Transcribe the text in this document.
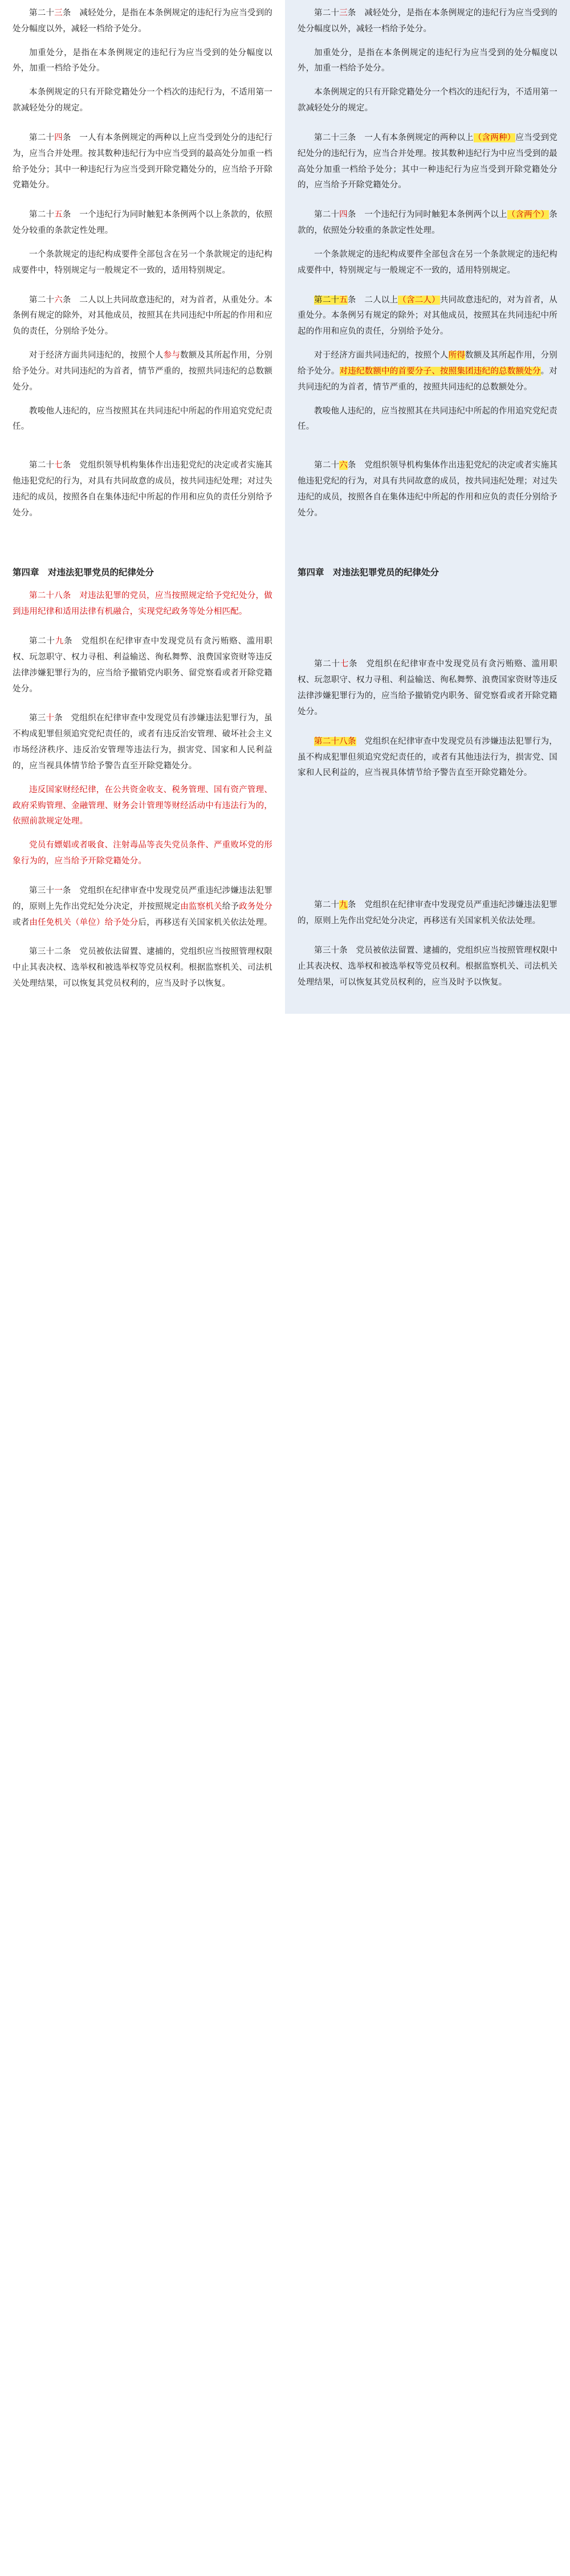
第二十三条　减轻处分，是指在本条例规定的违纪行为应当受到的处分幅度以外，减轻一档给予处分。
加重处分，是指在本条例规定的违纪行为应当受到的处分幅度以外，加重一档给予处分。
本条例规定的只有开除党籍处分一个档次的违纪行为，不适用第一款减轻处分的规定。
第二十四条　一人有本条例规定的两种以上应当受到处分的违纪行为，应当合并处理。按其数种违纪行为中应当受到的最高处分加重一档给予处分；其中一种违纪行为应当受到开除党籍处分的，应当给予开除党籍处分。
第二十五条　一个违纪行为同时触犯本条例两个以上条款的，依照处分较重的条款定性处理。
一个条款规定的违纪构成要件全部包含在另一个条款规定的违纪构成要件中，特别规定与一般规定不一致的，适用特别规定。
第二十六条　二人以上共同故意违纪的，对为首者，从重处分。本条例有规定的除外，对其他成员，按照其在共同违纪中所起的作用和应负的责任，分别给予处分。
对于经济方面共同违纪的，按照个人参与数额及其所起作用，分别给予处分。对共同违纪的为首者，情节严重的，按照共同违纪的总数额处分。
教唆他人违纪的，应当按照其在共同违纪中所起的作用追究党纪责任。
第二十七条　党组织领导机构集体作出违犯党纪的决定或者实施其他违犯党纪的行为，对具有共同故意的成员，按共同违纪处理；对过失违纪的成员，按照各自在集体违纪中所起的作用和应负的责任分别给予处分。
第四章　对违法犯罪党员的纪律处分
第二十八条　对违法犯罪的党员，应当按照规定给予党纪处分，做到违用纪律和适用法律有机融合，实现党纪政务等处分相匹配。
第二十九条　党组织在纪律审查中发现党员有贪污贿赂、滥用职权、玩忽职守、权力寻租、利益输送、徇私舞弊、浪费国家资财等违反法律涉嫌犯罪行为的，应当给予撤销党内职务、留党察看或者开除党籍处分。
第三十条　党组织在纪律审查中发现党员有涉嫌违法犯罪行为，虽不构成犯罪但须追究党纪责任的，或者有违反治安管理、破坏社会主义市场经济秩序、违反治安管理等违法行为，损害党、国家和人民利益的，应当视具体情节给予警告直至开除党籍处分。
违反国家财经纪律，在公共资金收支、税务管理、国有资产管理、政府采购管理、金融管理、财务会计管理等财经活动中有违法行为的，依照前款规定处理。
党员有嫖娼或者吸食、注射毒品等丧失党员条件、严重败坏党的形象行为的，应当给予开除党籍处分。
第三十一条　党组织在纪律审查中发现党员严重违纪涉嫌违法犯罪的，原则上先作出党纪处分决定，并按照规定由监察机关给予政务处分或者由任免机关（单位）给予处分后，再移送有关国家机关依法处理。
第三十二条　党员被依法留置、逮捕的，党组织应当按照管理权限中止其表决权、选举权和被选举权等党员权利。根据监察机关、司法机关处理结果，可以恢复其党员权利的，应当及时予以恢复。
第二十三条　减轻处分，是指在本条例规定的违纪行为应当受到的处分幅度以外，减轻一档给予处分。
加重处分，是指在本条例规定的违纪行为应当受到的处分幅度以外，加重一档给予处分。
本条例规定的只有开除党籍处分一个档次的违纪行为，不适用第一款减轻处分的规定。
第二十三条　一人有本条例规定的两种以上（含两种）应当受到党纪处分的违纪行为，应当合并处理。按其数种违纪行为中应当受到的最高处分加重一档给予处分；其中一种违纪行为应当受到开除党籍处分的，应当给予开除党籍处分。
第二十四条　一个违纪行为同时触犯本条例两个以上（含两个）条款的，依照处分较重的条款定性处理。
一个条款规定的违纪构成要件全部包含在另一个条款规定的违纪构成要件中，特别规定与一般规定不一致的，适用特别规定。
第二十五条　二人以上（含二人）共同故意违纪的，对为首者，从重处分。本条例另有规定的除外；对其他成员，按照其在共同违纪中所起的作用和应负的责任，分别给予处分。
对于经济方面共同违纪的，按照个人所得数额及其所起作用，分别给予处分。对违纪数额中的首要分子、按照集团违纪的总数额处分。对共同违纪的为首者，情节严重的，按照共同违纪的总数额处分。
教唆他人违纪的，应当按照其在共同违纪中所起的作用追究党纪责任。
第二十六条　党组织领导机构集体作出违犯党纪的决定或者实施其他违犯党纪的行为，对具有共同故意的成员，按共同违纪处理；对过失违纪的成员，按照各自在集体违纪中所起的作用和应负的责任分别给予处分。
第四章　对违法犯罪党员的纪律处分
第二十七条　党组织在纪律审查中发现党员有贪污贿赂、滥用职权、玩忽职守、权力寻租、利益输送、徇私舞弊、浪费国家资财等违反法律涉嫌犯罪行为的，应当给予撤销党内职务、留党察看或者开除党籍处分。
第二十八条　党组织在纪律审查中发现党员有涉嫌违法犯罪行为，虽不构成犯罪但须追究党纪责任的，或者有其他违法行为，损害党、国家和人民利益的，应当视具体情节给予警告直至开除党籍处分。
第二十九条　党组织在纪律审查中发现党员严重违纪涉嫌违法犯罪的，原则上先作出党纪处分决定，再移送有关国家机关依法处理。
第三十条　党员被依法留置、逮捕的，党组织应当按照管理权限中止其表决权、选举权和被选举权等党员权利。根据监察机关、司法机关处理结果，可以恢复其党员权利的，应当及时予以恢复。
